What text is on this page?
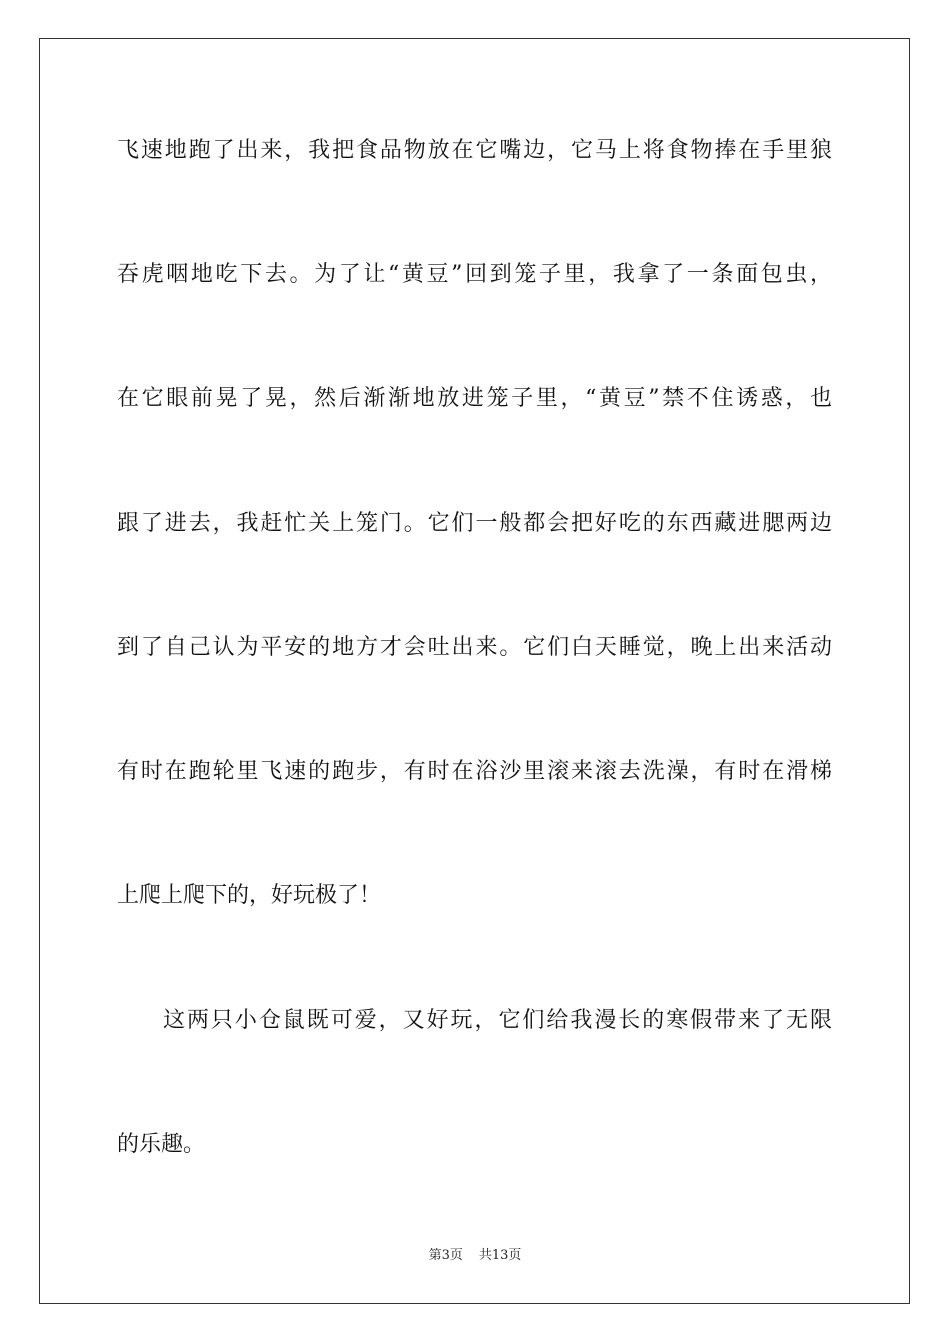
飞速地跑了出来，我把食品物放在它嘴边，它马上将食物捧在手里狼
吞虎咽地吃下去。为了让“黄豆”回到笼子里，我拿了一条面包虫，
在它眼前晃了晃，然后渐渐地放进笼子里，“黄豆”禁不住诱惑，也
跟了进去，我赶忙关上笼门。它们一般都会把好吃的东西藏进腮两边
到了自己认为平安的地方才会吐出来。它们白天睡觉，晚上出来活动
有时在跑轮里飞速的跑步，有时在浴沙里滚来滚去洗澡，有时在滑梯
上爬上爬下的，好玩极了！
这两只小仓鼠既可爱，又好玩，它们给我漫长的寒假带来了无限
的乐趣。
第3页 共13页
